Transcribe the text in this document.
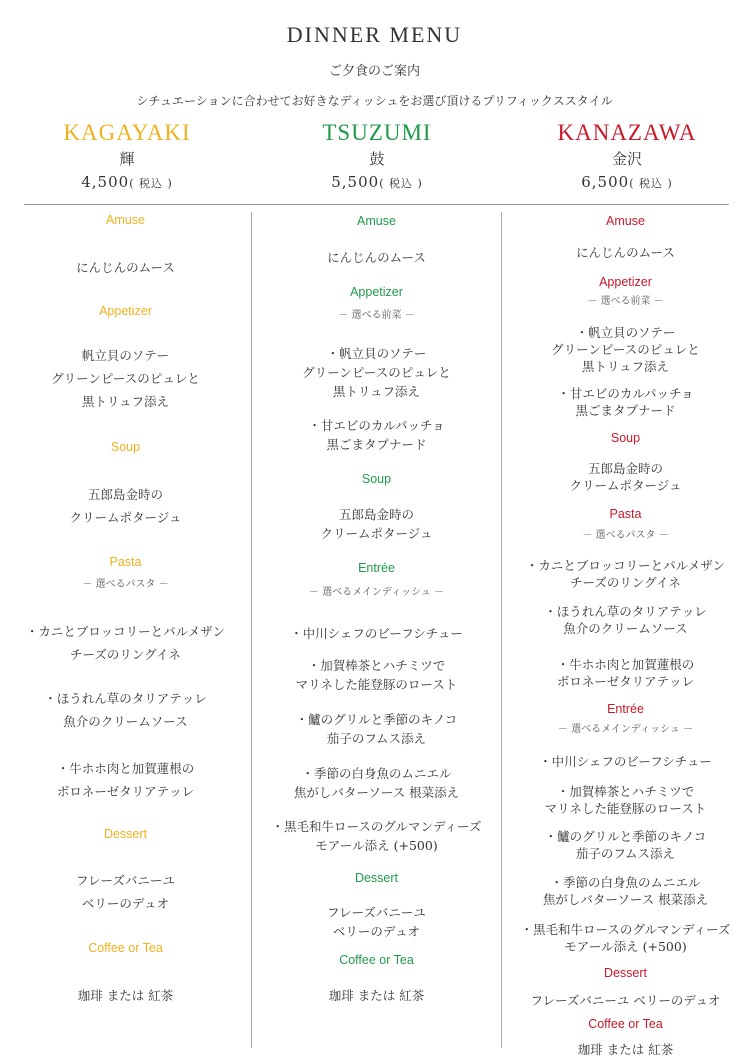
DINNER MENU
ご夕食のご案内
シチュエーションに合わせてお好きなディッシュをお選び頂けるプリフィックススタイル
KAGAYAKI
輝
4,500( 税込 )
TSUZUMI
鼓
5,500( 税込 )
KANAZAWA
金沢
6,500( 税込 )
Amuse
にんじんのムース
Appetizer
帆立貝のソテー
グリーンピースのピュレと
黒トリュフ添え
Soup
五郎島金時の
クリームポタージュ
Pasta
－ 選べるパスタ －
・カニとブロッコリーとパルメザン
チーズのリングイネ
・ほうれん草のタリアテッレ
魚介のクリームソース
・牛ホホ肉と加賀蓮根の
ボロネーゼタリアテッレ
Dessert
フレーズバニーユ
ベリーのデュオ
Coffee or Tea
珈琲 または 紅茶
Amuse
にんじんのムース
Appetizer
－ 選べる前菜 －
・帆立貝のソテー
グリーンピースのピュレと
黒トリュフ添え
・甘エビのカルパッチョ
黒ごまタプナード
Soup
五郎島金時の
クリームポタージュ
Entrée
－ 選べるメインディッシュ －
・中川シェフのビーフシチュー
・加賀棒茶とハチミツで
マリネした能登豚のロースト
・鱸のグリルと季節のキノコ
茄子のフムス添え
・季節の白身魚のムニエル
焦がしバターソース 根菜添え
・黒毛和牛ロースのグルマンディーズ
モアール添え (+500)
Dessert
フレーズバニーユ
ベリーのデュオ
Coffee or Tea
珈琲 または 紅茶
Amuse
にんじんのムース
Appetizer
－ 選べる前菜 －
・帆立貝のソテー
グリーンピースのピュレと
黒トリュフ添え
・甘エビのカルパッチョ
黒ごまタプナード
Soup
五郎島金時の
クリームポタージュ
Pasta
－ 選べるパスタ －
・カニとブロッコリーとパルメザン
チーズのリングイネ
・ほうれん草のタリアテッレ
魚介のクリームソース
・牛ホホ肉と加賀蓮根の
ボロネーゼタリアテッレ
Entrée
－ 選べるメインディッシュ －
・中川シェフのビーフシチュー
・加賀棒茶とハチミツで
マリネした能登豚のロースト
・鱸のグリルと季節のキノコ
茄子のフムス添え
・季節の白身魚のムニエル
焦がしバターソース 根菜添え
・黒毛和牛ロースのグルマンディーズ
モアール添え (+500)
Dessert
フレーズバニーユ ベリーのデュオ
Coffee or Tea
珈琲 または 紅茶
